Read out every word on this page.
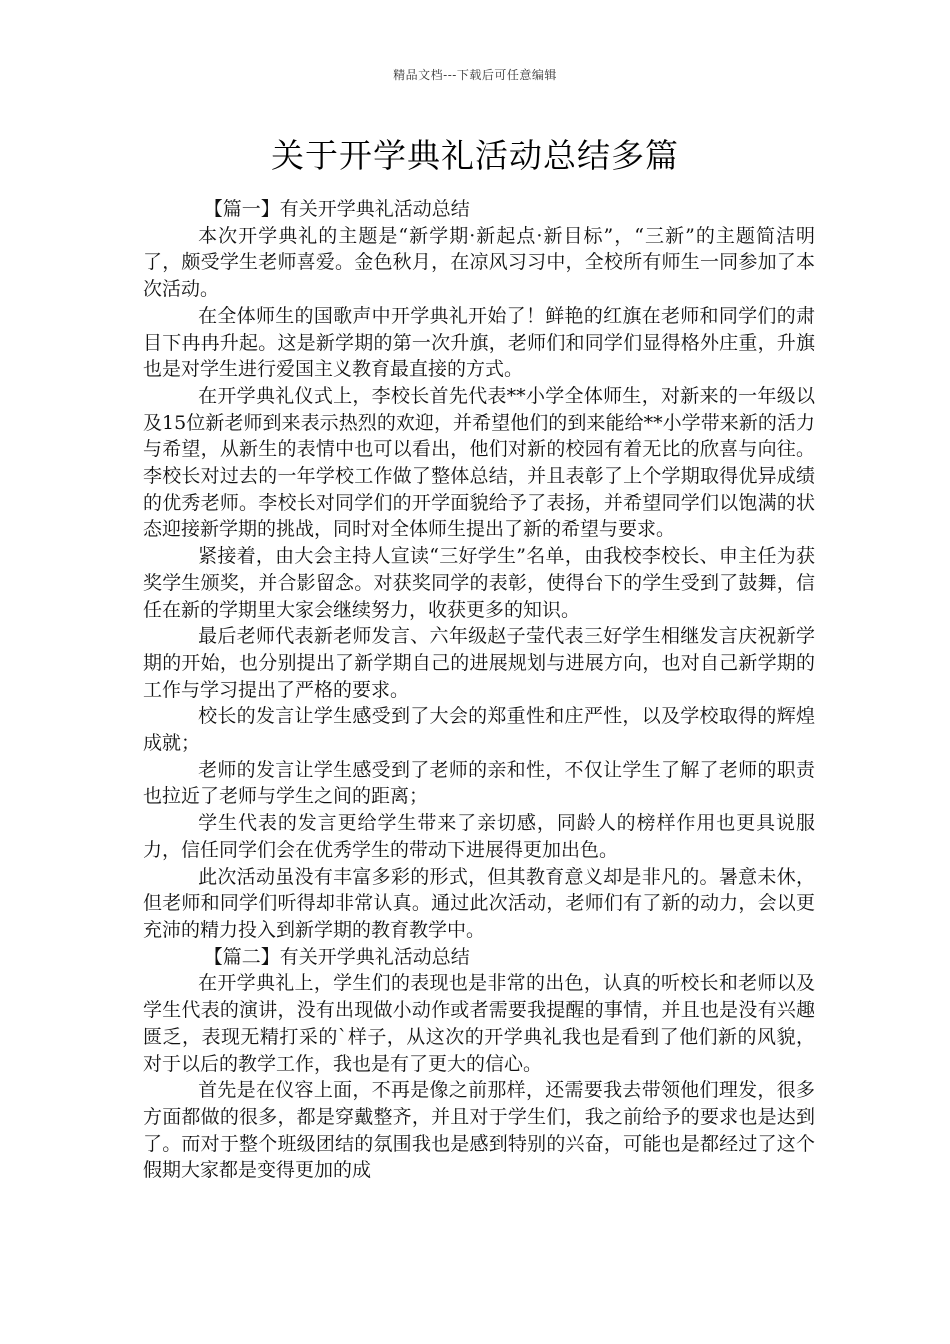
精品文档---下载后可任意编辑
关于开学典礼活动总结多篇

【篇一】有关开学典礼活动总结

本次开学典礼的主题是“新学期·新起点·新目标”，“三新”的主题简洁明了，颇受学生老师喜爱。金色秋月，在凉风习习中，全校所有师生一同参加了本次活动。

在全体师生的国歌声中开学典礼开始了！鲜艳的红旗在老师和同学们的肃目下冉冉升起。这是新学期的第一次升旗，老师们和同学们显得格外庄重，升旗也是对学生进行爱国主义教育最直接的方式。

在开学典礼仪式上，李校长首先代表**小学全体师生，对新来的一年级以及15位新老师到来表示热烈的欢迎，并希望他们的到来能给**小学带来新的活力与希望，从新生的表情中也可以看出，他们对新的校园有着无比的欣喜与向往。李校长对过去的一年学校工作做了整体总结，并且表彰了上个学期取得优异成绩的优秀老师。李校长对同学们的开学面貌给予了表扬，并希望同学们以饱满的状态迎接新学期的挑战，同时对全体师生提出了新的希望与要求。

紧接着，由大会主持人宣读“三好学生”名单，由我校李校长、申主任为获奖学生颁奖，并合影留念。对获奖同学的表彰，使得台下的学生受到了鼓舞，信任在新的学期里大家会继续努力，收获更多的知识。

最后老师代表新老师发言、六年级赵子莹代表三好学生相继发言庆祝新学期的开始，也分别提出了新学期自己的进展规划与进展方向，也对自己新学期的工作与学习提出了严格的要求。

校长的发言让学生感受到了大会的郑重性和庄严性，以及学校取得的辉煌成就；

老师的发言让学生感受到了老师的亲和性，不仅让学生了解了老师的职责也拉近了老师与学生之间的距离；

学生代表的发言更给学生带来了亲切感，同龄人的榜样作用也更具说服力，信任同学们会在优秀学生的带动下进展得更加出色。

此次活动虽没有丰富多彩的形式，但其教育意义却是非凡的。暑意未休，但老师和同学们听得却非常认真。通过此次活动，老师们有了新的动力，会以更充沛的精力投入到新学期的教育教学中。

【篇二】有关开学典礼活动总结

在开学典礼上，学生们的表现也是非常的出色，认真的听校长和老师以及学生代表的演讲，没有出现做小动作或者需要我提醒的事情，并且也是没有兴趣匮乏，表现无精打采的`样子，从这次的开学典礼我也是看到了他们新的风貌，对于以后的教学工作，我也是有了更大的信心。

首先是在仪容上面，不再是像之前那样，还需要我去带领他们理发，很多方面都做的很多，都是穿戴整齐，并且对于学生们，我之前给予的要求也是达到了。而对于整个班级团结的氛围我也是感到特别的兴奋，可能也是都经过了这个假期大家都是变得更加的成
